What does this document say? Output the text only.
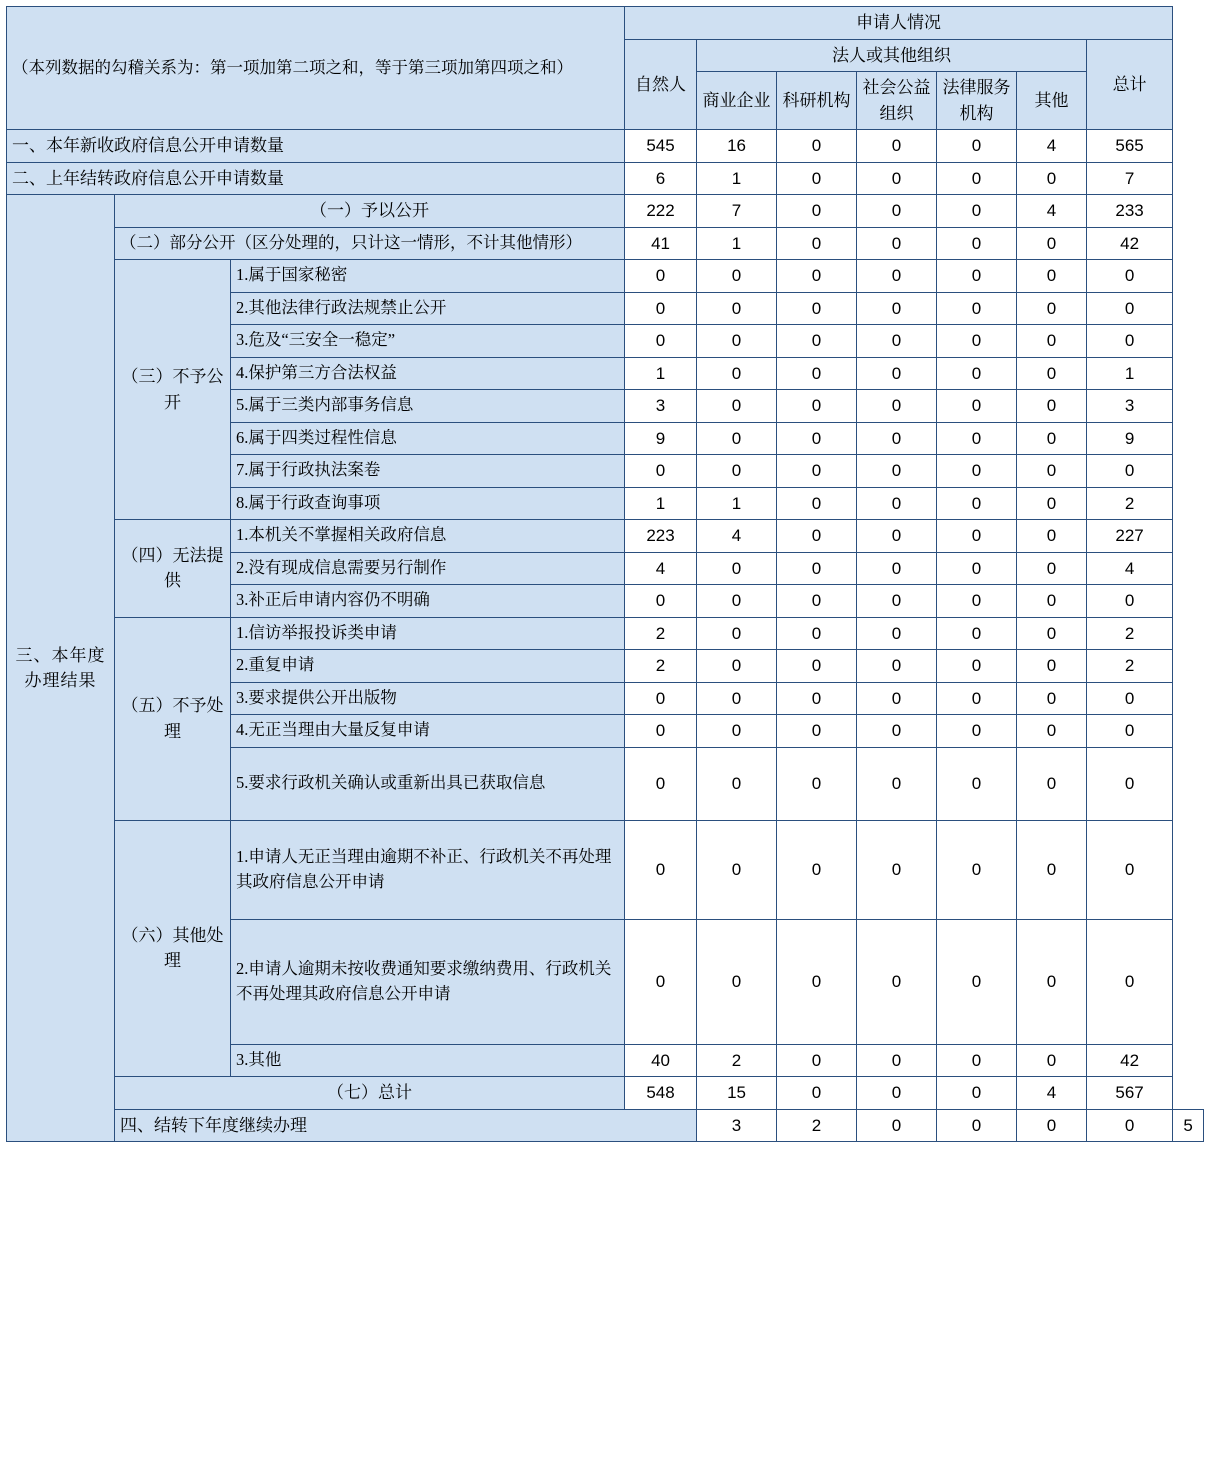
（本列数据的勾稽关系为：第一项加第二项之和，等于第三项加第四项之和）			申请人情况							
			自然人	法人或其他组织					总计	
				商业企业	科研机构	社会公益组织	法律服务机构	其他		
一、本年新收政府信息公开申请数量			545	16	0	0	0	4	565	
二、上年结转政府信息公开申请数量			6	1	0	0	0	0	7	
三、本年度办理结果	（一）予以公开		222	7	0	0	0	4	233	
	（二）部分公开（区分处理的，只计这一情形，不计其他情形）		41	1	0	0	0	0	42	
	（三）不予公开	1.属于国家秘密	0	0	0	0	0	0	0	
		2.其他法律行政法规禁止公开	0	0	0	0	0	0	0	
		3.危及“三安全一稳定”	0	0	0	0	0	0	0	
		4.保护第三方合法权益	1	0	0	0	0	0	1	
		5.属于三类内部事务信息	3	0	0	0	0	0	3	
		6.属于四类过程性信息	9	0	0	0	0	0	9	
		7.属于行政执法案卷	0	0	0	0	0	0	0	
		8.属于行政查询事项	1	1	0	0	0	0	2	
	（四）无法提供	1.本机关不掌握相关政府信息	223	4	0	0	0	0	227	
		2.没有现成信息需要另行制作	4	0	0	0	0	0	4	
		3.补正后申请内容仍不明确	0	0	0	0	0	0	0	
	（五）不予处理	1.信访举报投诉类申请	2	0	0	0	0	0	2	
		2.重复申请	2	0	0	0	0	0	2	
		3.要求提供公开出版物	0	0	0	0	0	0	0	
		4.无正当理由大量反复申请	0	0	0	0	0	0	0	
		5.要求行政机关确认或重新出具已获取信息	0	0	0	0	0	0	0	
	（六）其他处理	1.申请人无正当理由逾期不补正、行政机关不再处理其政府信息公开申请	0	0	0	0	0	0	0	
		2.申请人逾期未按收费通知要求缴纳费用、行政机关不再处理其政府信息公开申请	0	0	0	0	0	0	0	
		3.其他	40	2	0	0	0	0	42	
	（七）总计		548	15	0	0	0	4	567	
	四、结转下年度继续办理			3	2	0	0	0	0	5
